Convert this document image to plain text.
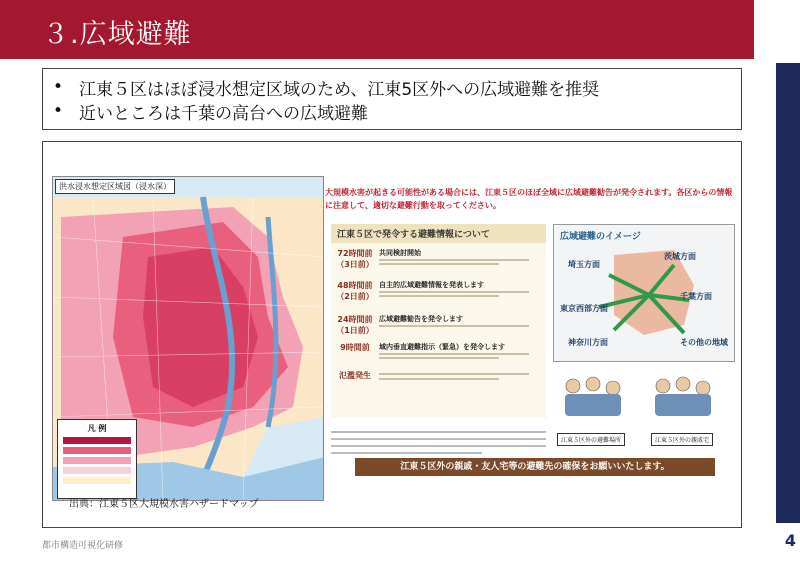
３.広域避難
4
• 江東５区はほぼ浸水想定区域のため、江東5区外への広域避難を推奨
• 近いところは千葉の高台への広域避難
洪水浸水想定区域図（浸水深）
凡 例
大規模水害が起きる可能性がある場合には、江東５区のほぼ全域に広域避難勧告が発令されます。各区からの情報に注意して、適切な避難行動を取ってください。
江東５区で発令する避難情報について
72時間前
（3日前）
共同検討開始
48時間前
（2日前）
自主的広域避難情報を発表します
24時間前
（1日前）
広域避難勧告を発令します
9時間前	域内垂直避難指示（緊急）を発令します
氾濫発生
広域避難のイメージ
埼玉方面
茨城方面
東京西部方面
千葉方面
神奈川方面	その他の地域
江東５区外の避難場所	江東５区外の親戚宅
江東５区外の親戚・友人宅等の避難先の確保をお願いいたします。
出典：江東５区大規模水害ハザードマップ
都市構造可視化研修
